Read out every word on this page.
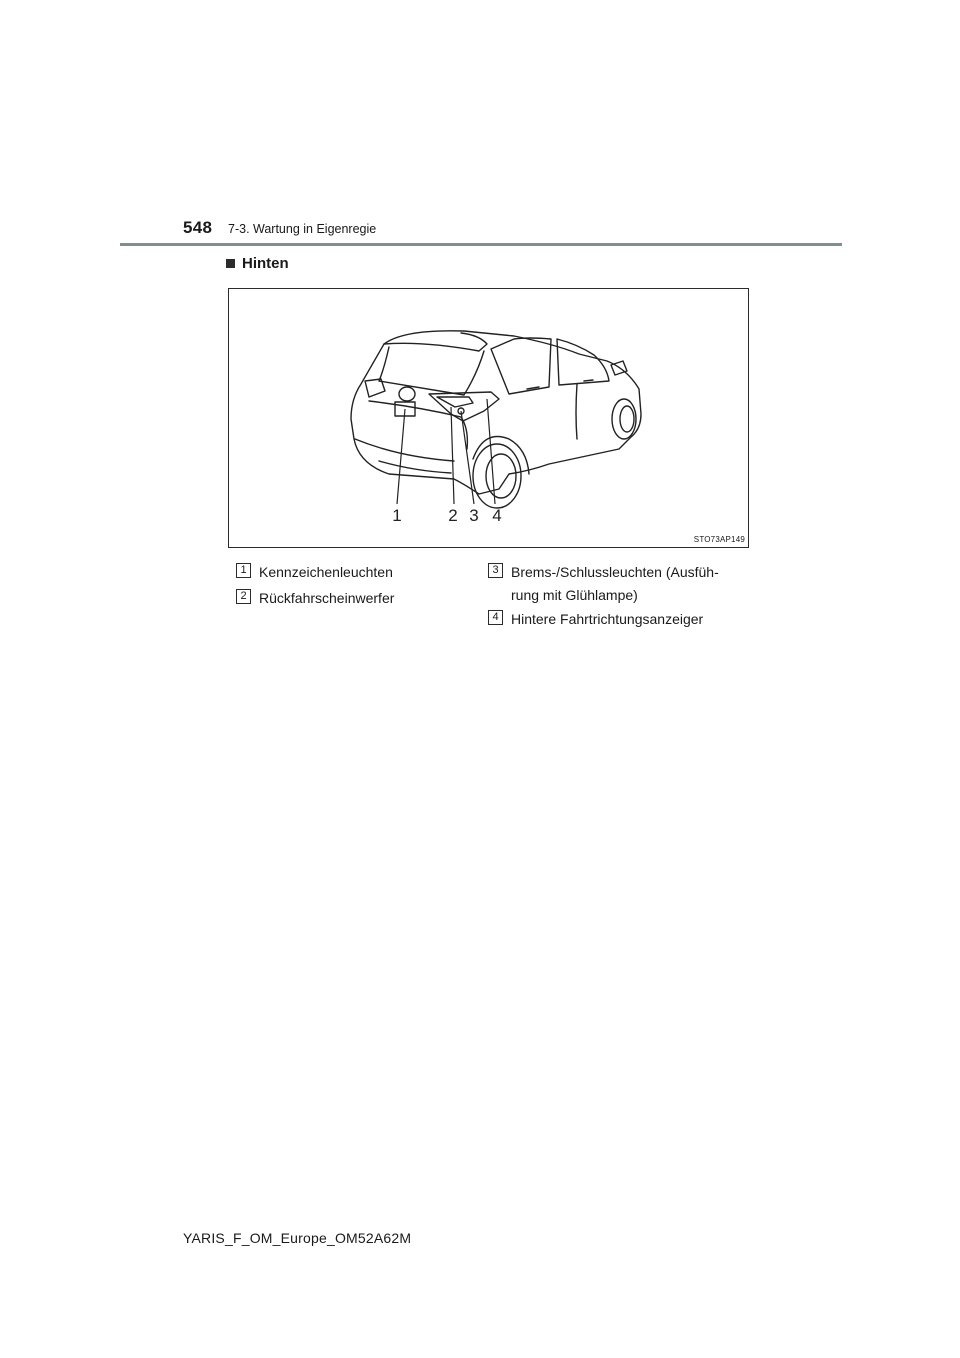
548 7-3. Wartung in Eigenregie
Hinten
1	2 3 4
STO73AP149
1 Kennzeichenleuchten
2 Rückfahrscheinwerfer
3 Brems-/Schlussleuchten (Ausfüh-rung mit Glühlampe)
4 Hintere Fahrtrichtungsanzeiger
YARIS_F_OM_Europe_OM52A62M
